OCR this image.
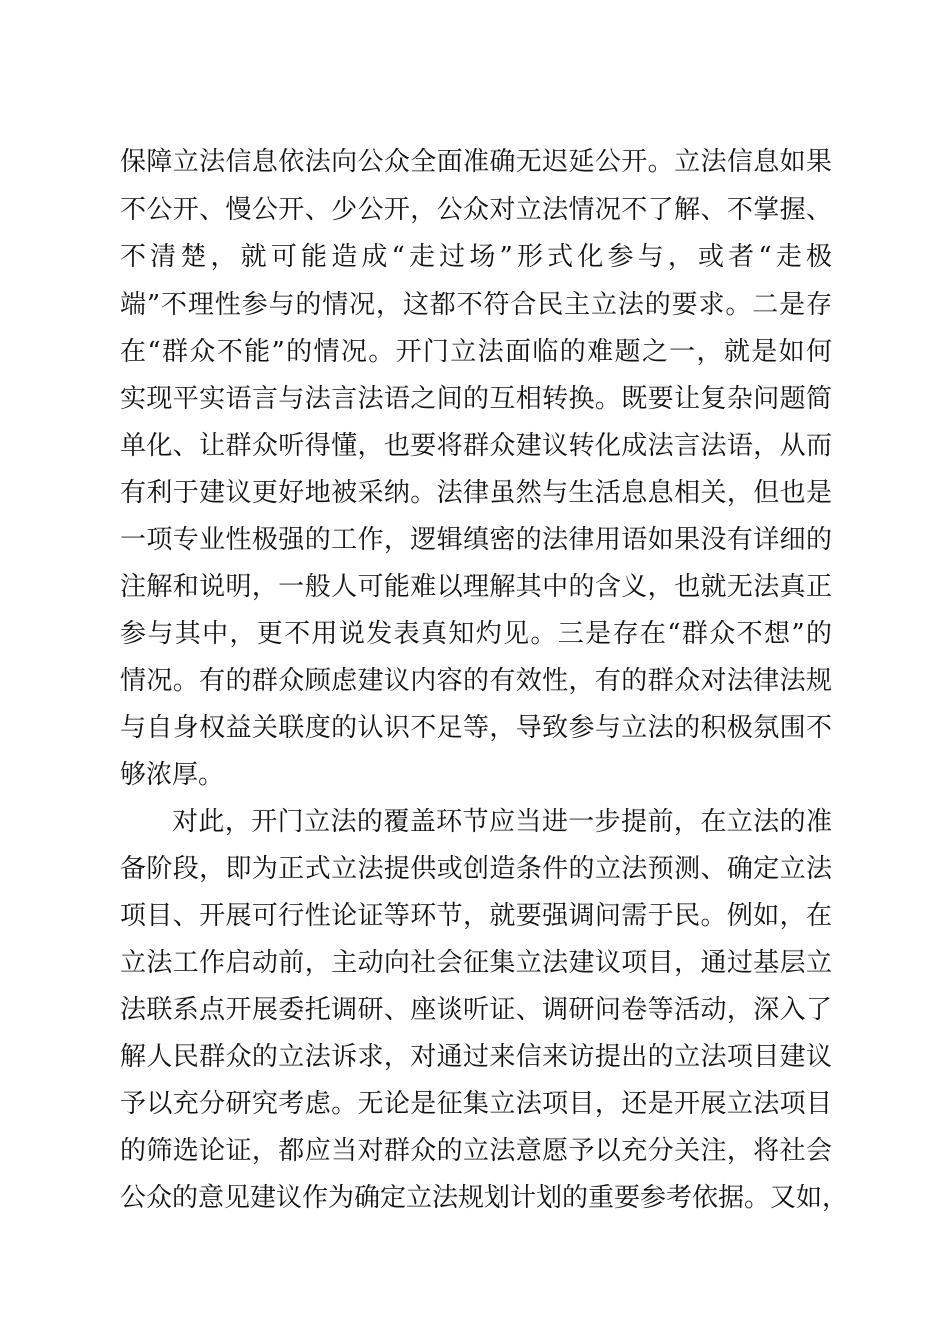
保障立法信息依法向公众全面准确无迟延公开。立法信息如果
不公开、慢公开、少公开，公众对立法情况不了解、不掌握、
不清楚，就可能造成“走过场”形式化参与，或者“走极
端”不理性参与的情况，这都不符合民主立法的要求。二是存
在“群众不能”的情况。开门立法面临的难题之一，就是如何
实现平实语言与法言法语之间的互相转换。既要让复杂问题简
单化、让群众听得懂，也要将群众建议转化成法言法语，从而
有利于建议更好地被采纳。法律虽然与生活息息相关，但也是
一项专业性极强的工作，逻辑缜密的法律用语如果没有详细的
注解和说明，一般人可能难以理解其中的含义，也就无法真正
参与其中，更不用说发表真知灼见。三是存在“群众不想”的
情况。有的群众顾虑建议内容的有效性，有的群众对法律法规
与自身权益关联度的认识不足等，导致参与立法的积极氛围不
够浓厚。
对此，开门立法的覆盖环节应当进一步提前，在立法的准
备阶段，即为正式立法提供或创造条件的立法预测、确定立法
项目、开展可行性论证等环节，就要强调问需于民。例如，在
立法工作启动前，主动向社会征集立法建议项目，通过基层立
法联系点开展委托调研、座谈听证、调研问卷等活动，深入了
解人民群众的立法诉求，对通过来信来访提出的立法项目建议
予以充分研究考虑。无论是征集立法项目，还是开展立法项目
的筛选论证，都应当对群众的立法意愿予以充分关注，将社会
公众的意见建议作为确定立法规划计划的重要参考依据。又如，
